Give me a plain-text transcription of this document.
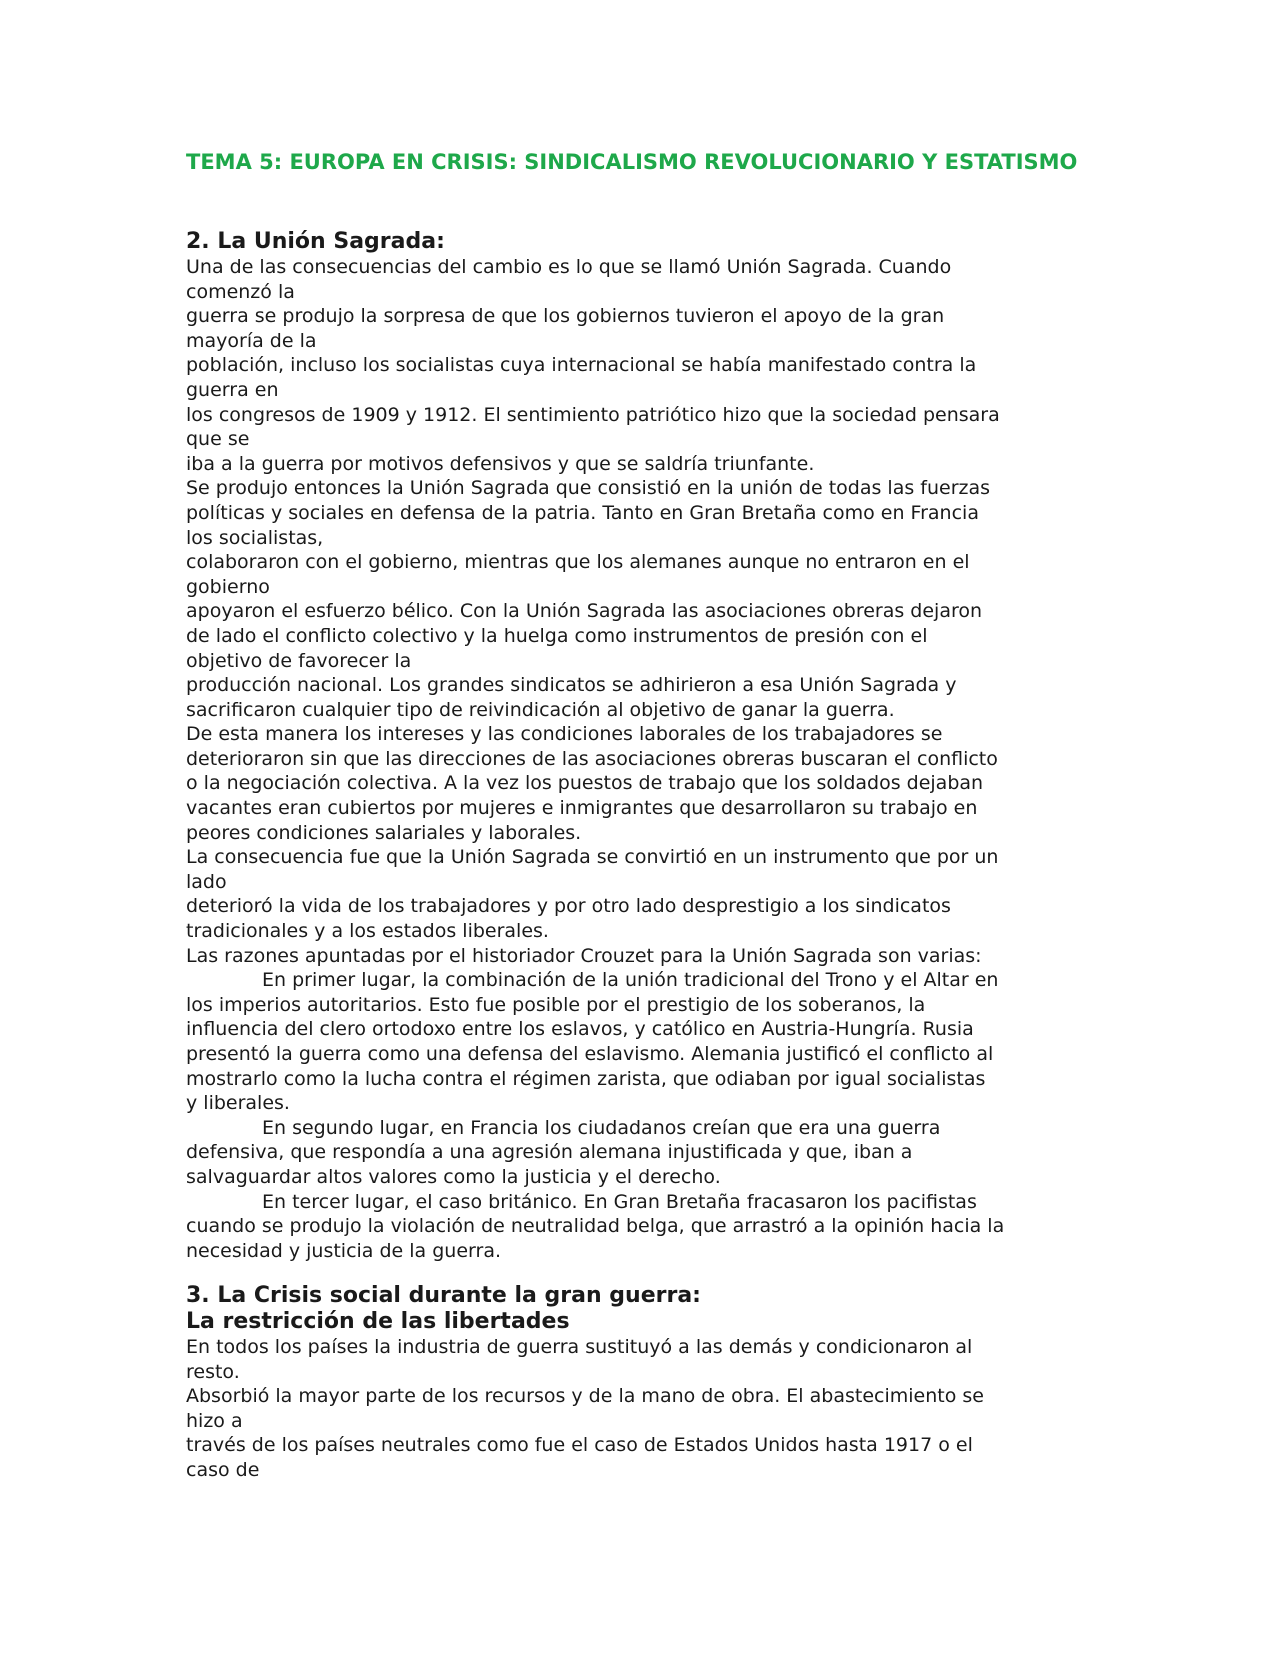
TEMA 5: EUROPA EN CRISIS: SINDICALISMO REVOLUCIONARIO Y ESTATISMO
2. La Unión Sagrada:

Una de las consecuencias del cambio es lo que se llamó Unión Sagrada. Cuando

comenzó la

guerra se produjo la sorpresa de que los gobiernos tuvieron el apoyo de la gran

mayoría de la

población, incluso los socialistas cuya internacional se había manifestado contra la

guerra en

los congresos de 1909 y 1912. El sentimiento patriótico hizo que la sociedad pensara

que se

iba a la guerra por motivos defensivos y que se saldría triunfante.

Se produjo entonces la Unión Sagrada que consistió en la unión de todas las fuerzas

políticas y sociales en defensa de la patria. Tanto en Gran Bretaña como en Francia

los socialistas,

colaboraron con el gobierno, mientras que los alemanes aunque no entraron en el

gobierno

apoyaron el esfuerzo bélico. Con la Unión Sagrada las asociaciones obreras dejaron

de lado el conflicto colectivo y la huelga como instrumentos de presión con el

objetivo de favorecer la

producción nacional. Los grandes sindicatos se adhirieron a esa Unión Sagrada y

sacrificaron cualquier tipo de reivindicación al objetivo de ganar la guerra.

De esta manera los intereses y las condiciones laborales de los trabajadores se

deterioraron sin que las direcciones de las asociaciones obreras buscaran el conflicto

o la negociación colectiva. A la vez los puestos de trabajo que los soldados dejaban

vacantes eran cubiertos por mujeres e inmigrantes que desarrollaron su trabajo en

peores condiciones salariales y laborales.

La consecuencia fue que la Unión Sagrada se convirtió en un instrumento que por un

lado

deterioró la vida de los trabajadores y por otro lado desprestigio a los sindicatos

tradicionales y a los estados liberales.

Las razones apuntadas por el historiador Crouzet para la Unión Sagrada son varias:

En primer lugar, la combinación de la unión tradicional del Trono y el Altar en

los imperios autoritarios. Esto fue posible por el prestigio de los soberanos, la

influencia del clero ortodoxo entre los eslavos, y católico en Austria-Hungría. Rusia

presentó la guerra como una defensa del eslavismo. Alemania justificó el conflicto al

mostrarlo como la lucha contra el régimen zarista, que odiaban por igual socialistas

y liberales.

En segundo lugar, en Francia los ciudadanos creían que era una guerra

defensiva, que respondía a una agresión alemana injustificada y que, iban a

salvaguardar altos valores como la justicia y el derecho.

En tercer lugar, el caso británico. En Gran Bretaña fracasaron los pacifistas

cuando se produjo la violación de neutralidad belga, que arrastró a la opinión hacia la

necesidad y justicia de la guerra.

3. La Crisis social durante la gran guerra:
La restricción de las libertades

En todos los países la industria de guerra sustituyó a las demás y condicionaron al

resto.

Absorbió la mayor parte de los recursos y de la mano de obra. El abastecimiento se

hizo a

través de los países neutrales como fue el caso de Estados Unidos hasta 1917 o el

caso de
